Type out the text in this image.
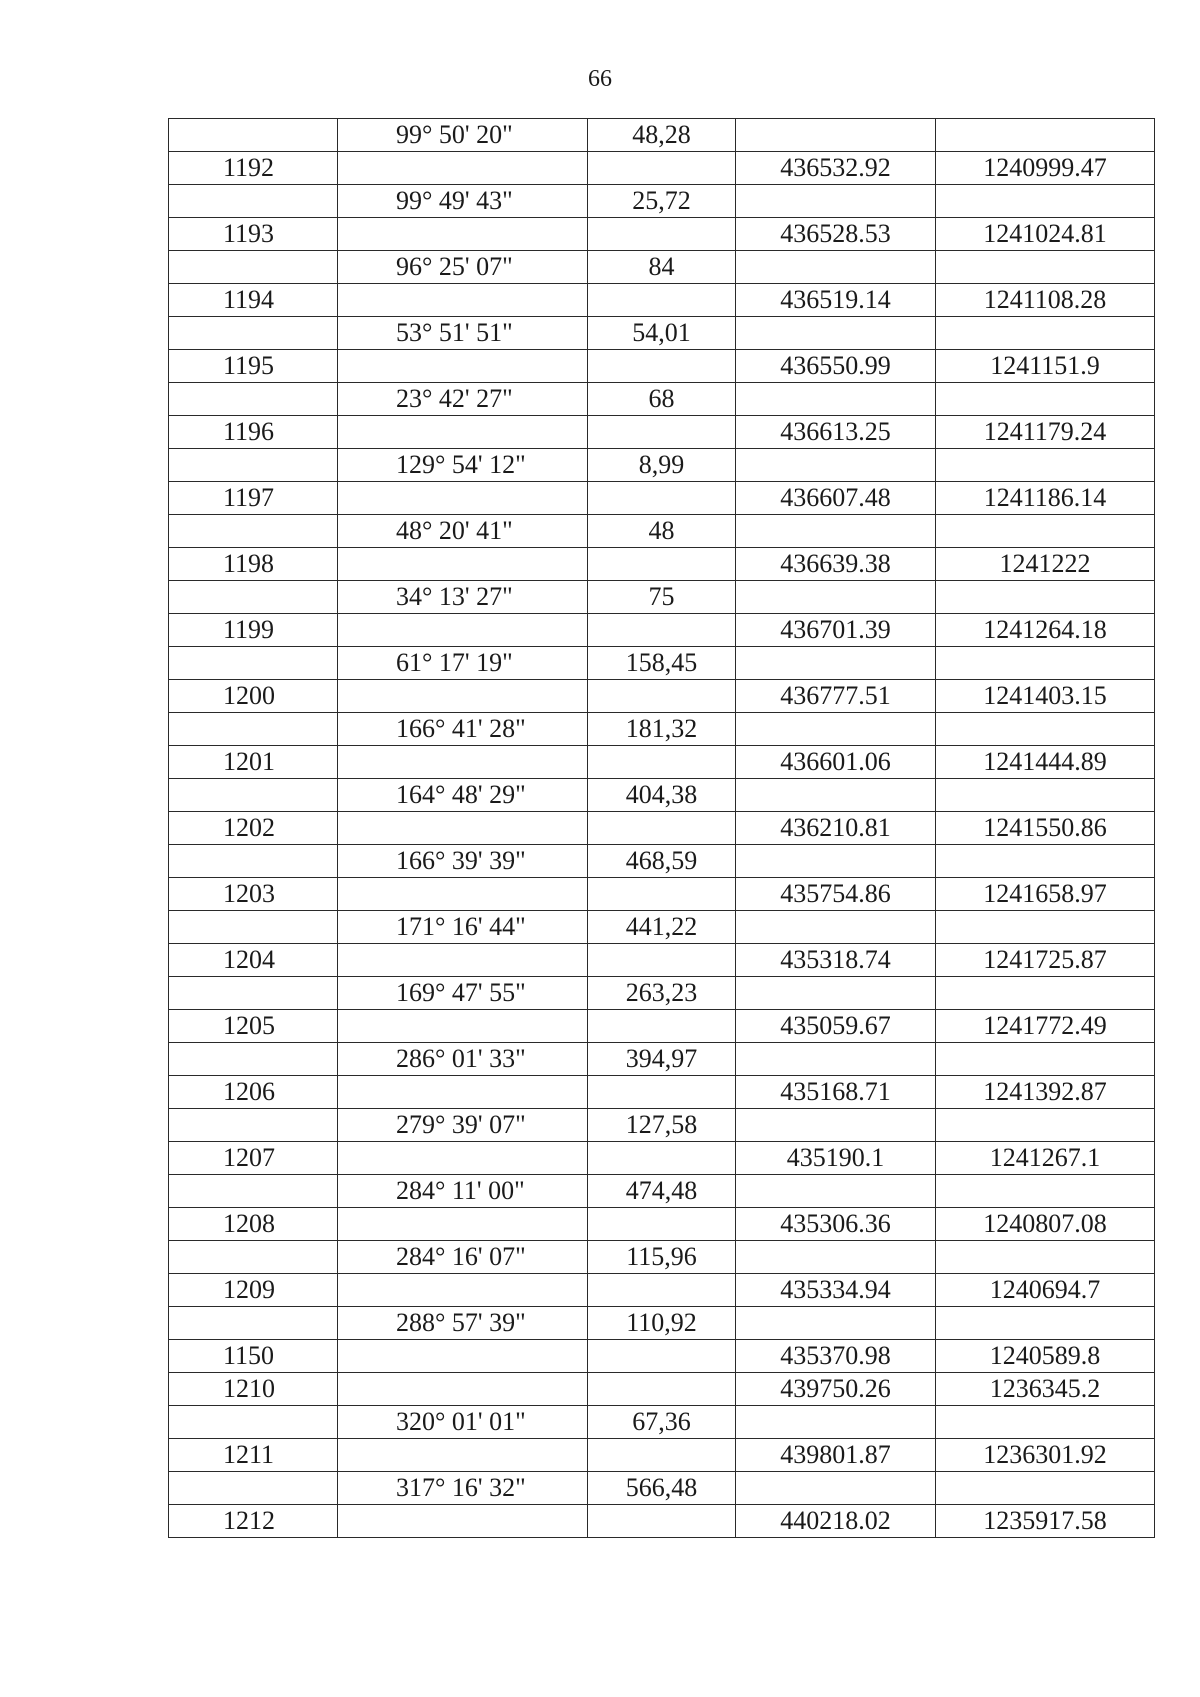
66
	99° 50' 20"	48,28		
1192			436532.92	1240999.47
	99° 49' 43"	25,72		
1193			436528.53	1241024.81
	96° 25' 07"	84		
1194			436519.14	1241108.28
	53° 51' 51"	54,01		
1195			436550.99	1241151.9
	23° 42' 27"	68		
1196			436613.25	1241179.24
	129° 54' 12"	8,99		
1197			436607.48	1241186.14
	48° 20' 41"	48		
1198			436639.38	1241222
	34° 13' 27"	75		
1199			436701.39	1241264.18
	61° 17' 19"	158,45		
1200			436777.51	1241403.15
	166° 41' 28"	181,32		
1201			436601.06	1241444.89
	164° 48' 29"	404,38		
1202			436210.81	1241550.86
	166° 39' 39"	468,59		
1203			435754.86	1241658.97
	171° 16' 44"	441,22		
1204			435318.74	1241725.87
	169° 47' 55"	263,23		
1205			435059.67	1241772.49
	286° 01' 33"	394,97		
1206			435168.71	1241392.87
	279° 39' 07"	127,58		
1207			435190.1	1241267.1
	284° 11' 00"	474,48		
1208			435306.36	1240807.08
	284° 16' 07"	115,96		
1209			435334.94	1240694.7
	288° 57' 39"	110,92		
1150			435370.98	1240589.8
1210			439750.26	1236345.2
	320° 01' 01"	67,36		
1211			439801.87	1236301.92
	317° 16' 32"	566,48		
1212			440218.02	1235917.58
